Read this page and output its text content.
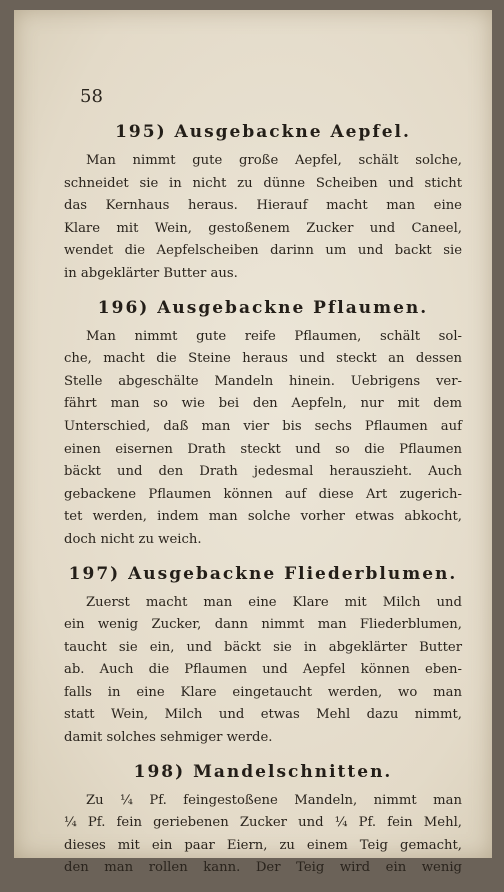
58
195) Ausgebackne Aepfel.
Man nimmt gute große Aepfel, schält solche,
schneidet sie in nicht zu dünne Scheiben und sticht
das Kernhaus heraus. Hierauf macht man eine
Klare mit Wein, gestoßenem Zucker und Caneel,
wendet die Aepfelscheiben darinn um und backt sie
in abgeklärter Butter aus.
196) Ausgebackne Pflaumen.
Man nimmt gute reife Pflaumen, schält sol-
che, macht die Steine heraus und steckt an dessen
Stelle abgeschälte Mandeln hinein. Uebrigens ver-
fährt man so wie bei den Aepfeln, nur mit dem
Unterschied, daß man vier bis sechs Pflaumen auf
einen eisernen Drath steckt und so die Pflaumen
bäckt und den Drath jedesmal herauszieht. Auch
gebackene Pflaumen können auf diese Art zugerich-
tet werden, indem man solche vorher etwas abkocht,
doch nicht zu weich.
197) Ausgebackne Fliederblumen.
Zuerst macht man eine Klare mit Milch und
ein wenig Zucker, dann nimmt man Fliederblumen,
taucht sie ein, und bäckt sie in abgeklärter Butter
ab. Auch die Pflaumen und Aepfel können eben-
falls in eine Klare eingetaucht werden, wo man
statt Wein, Milch und etwas Mehl dazu nimmt,
damit solches sehmiger werde.
198) Mandelschnitten.
Zu ¼ Pf. feingestoßene Mandeln, nimmt man
¼ Pf. fein geriebenen Zucker und ¼ Pf. fein Mehl,
dieses mit ein paar Eiern, zu einem Teig gemacht,
den man rollen kann. Der Teig wird ein wenig
